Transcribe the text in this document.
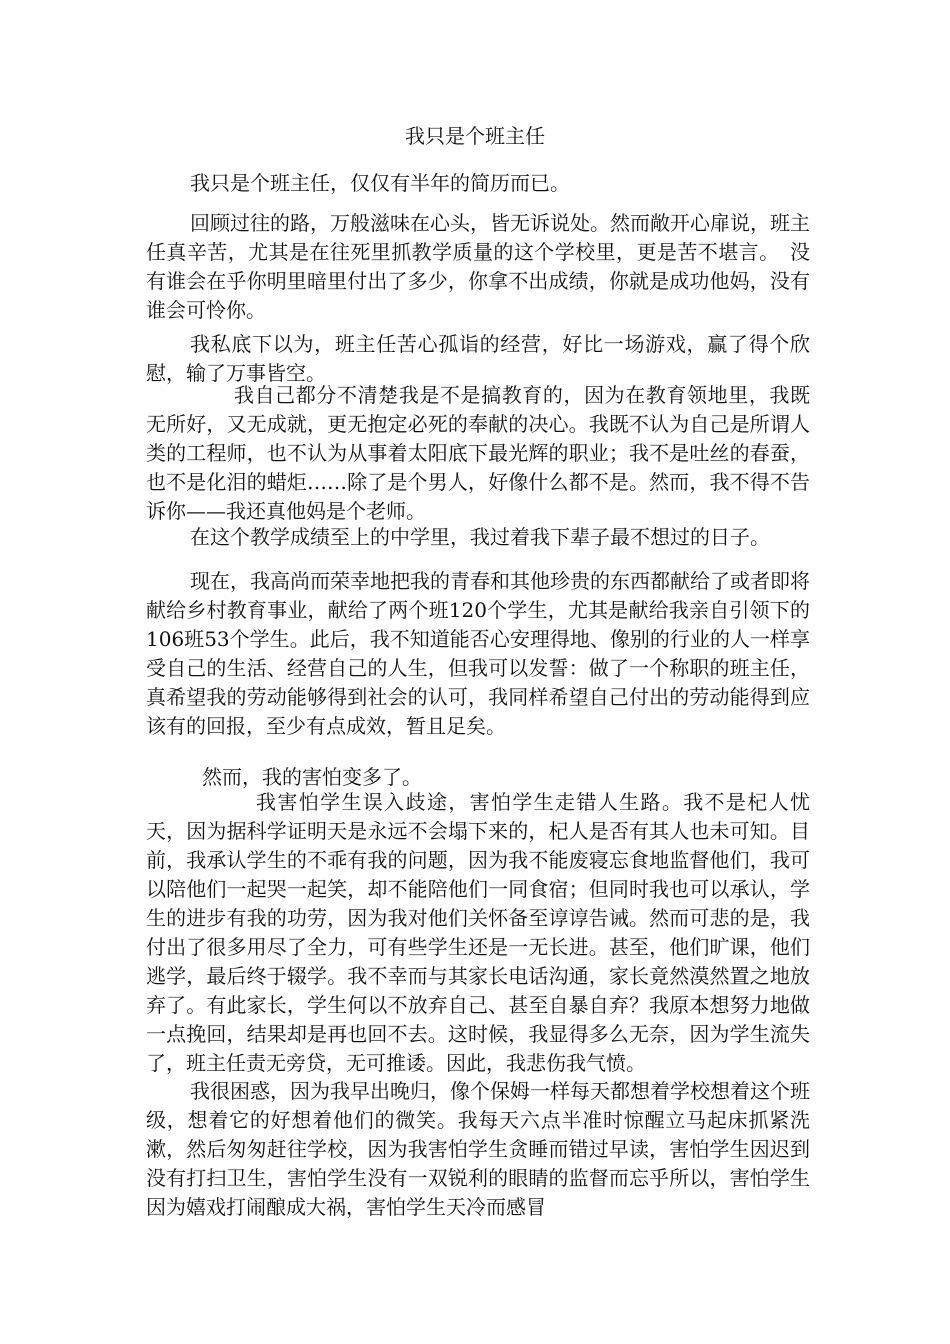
我只是个班主任

我只是个班主任，仅仅有半年的简历而已。

回顾过往的路，万般滋味在心头，皆无诉说处。然而敞开心扉说，班主任真辛苦，尤其是在往死里抓教学质量的这个学校里，更是苦不堪言。　没有谁会在乎你明里暗里付出了多少，你拿不出成绩，你就是成功他妈，没有谁会可怜你。

我私底下以为，班主任苦心孤诣的经营，好比一场游戏，赢了得个欣慰，输了万事皆空。

我自己都分不清楚我是不是搞教育的，因为在教育领地里，我既无所好，又无成就，更无抱定必死的奉献的决心。我既不认为自己是所谓人类的工程师，也不认为从事着太阳底下最光辉的职业；我不是吐丝的春蚕，也不是化泪的蜡炬……除了是个男人，好像什么都不是。然而，我不得不告诉你——我还真他妈是个老师。

在这个教学成绩至上的中学里，我过着我下辈子最不想过的日子。

现在，我高尚而荣幸地把我的青春和其他珍贵的东西都献给了或者即将献给乡村教育事业，献给了两个班120个学生，尤其是献给我亲自引领下的106班53个学生。此后，我不知道能否心安理得地、像别的行业的人一样享受自己的生活、经营自己的人生，但我可以发誓：做了一个称职的班主任，真希望我的劳动能够得到社会的认可，我同样希望自己付出的劳动能得到应该有的回报，至少有点成效，暂且足矣。

然而，我的害怕变多了。

我害怕学生误入歧途，害怕学生走错人生路。我不是杞人忧天，因为据科学证明天是永远不会塌下来的，杞人是否有其人也未可知。目前，我承认学生的不乖有我的问题，因为我不能废寝忘食地监督他们，我可以陪他们一起哭一起笑，却不能陪他们一同食宿；但同时我也可以承认，学生的进步有我的功劳，因为我对他们关怀备至谆谆告诫。然而可悲的是，我付出了很多用尽了全力，可有些学生还是一无长进。甚至，他们旷课，他们逃学，最后终于辍学。我不幸而与其家长电话沟通，家长竟然漠然置之地放弃了。有此家长，学生何以不放弃自己、甚至自暴自弃？我原本想努力地做一点挽回，结果却是再也回不去。这时候，我显得多么无奈，因为学生流失了，班主任责无旁贷，无可推诿。因此，我悲伤我气愤。

我很困惑，因为我早出晚归，像个保姆一样每天都想着学校想着这个班级，想着它的好想着他们的微笑。我每天六点半准时惊醒立马起床抓紧洗漱，然后匆匆赶往学校，因为我害怕学生贪睡而错过早读，害怕学生因迟到没有打扫卫生，害怕学生没有一双锐利的眼睛的监督而忘乎所以，害怕学生因为嬉戏打闹酿成大祸，害怕学生天冷而感冒
